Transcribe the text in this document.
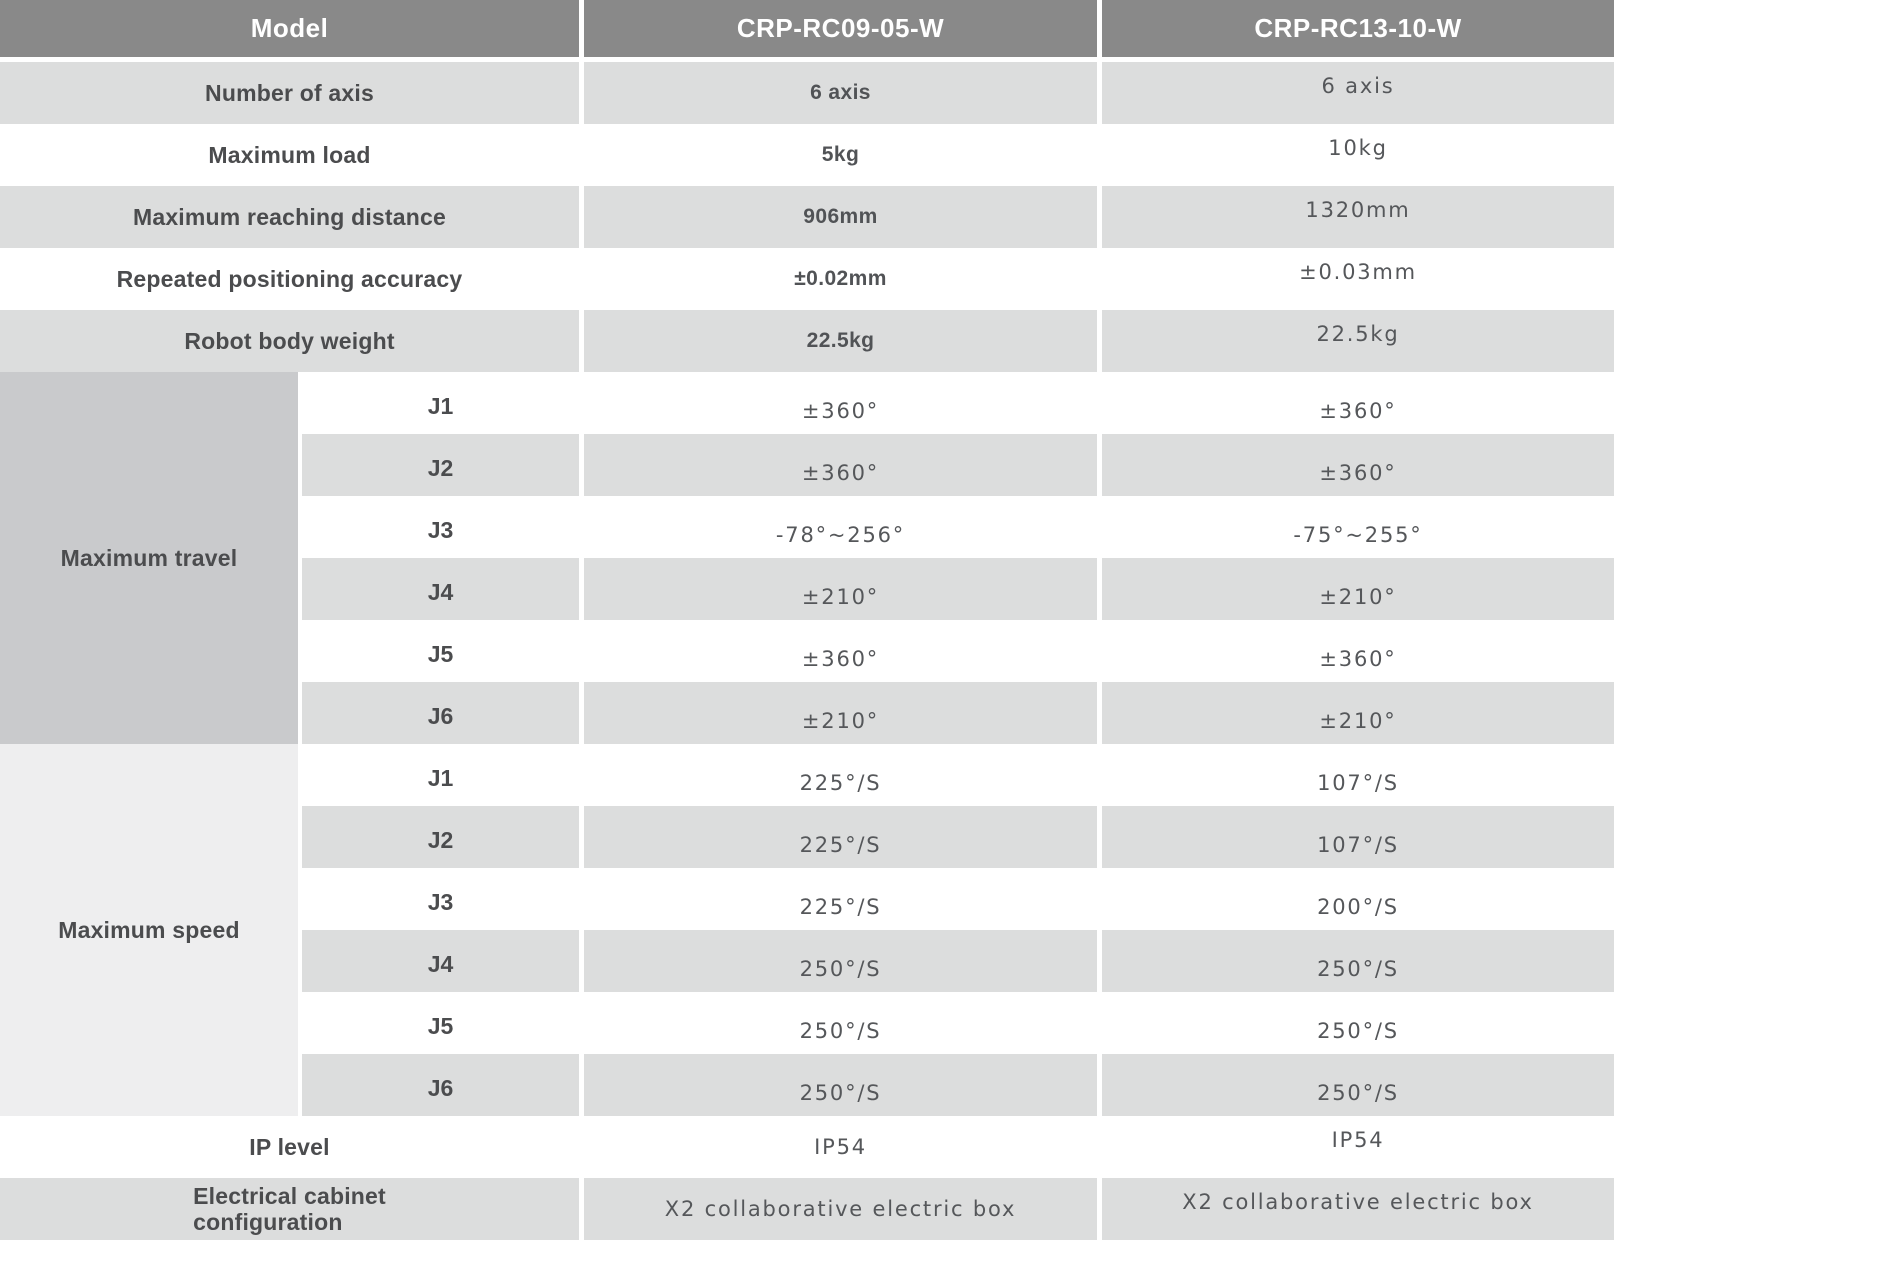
Model	CRP-RC09-05-W	CRP-RC13-10-W
Number of axis	6 axis	6 axis
Maximum load	5kg	10kg
Maximum reaching distance	906mm	1320mm
Repeated positioning accuracy	±0.02mm	±0.03mm
Robot body weight	22.5kg	22.5kg
Maximum travel
J1	±360°	±360°
J2	±360°	±360°
J3	-78°~256°	-75°~255°
J4	±210°	±210°
J5	±360°	±360°
J6	±210°	±210°
Maximum speed
J1	225°/S	107°/S
J2	225°/S	107°/S
J3	225°/S	200°/S
J4	250°/S	250°/S
J5	250°/S	250°/S
J6	250°/S	250°/S
IP level	IP54	IP54
Electrical cabinet
configuration	X2 collaborative electric box	X2 collaborative electric box
